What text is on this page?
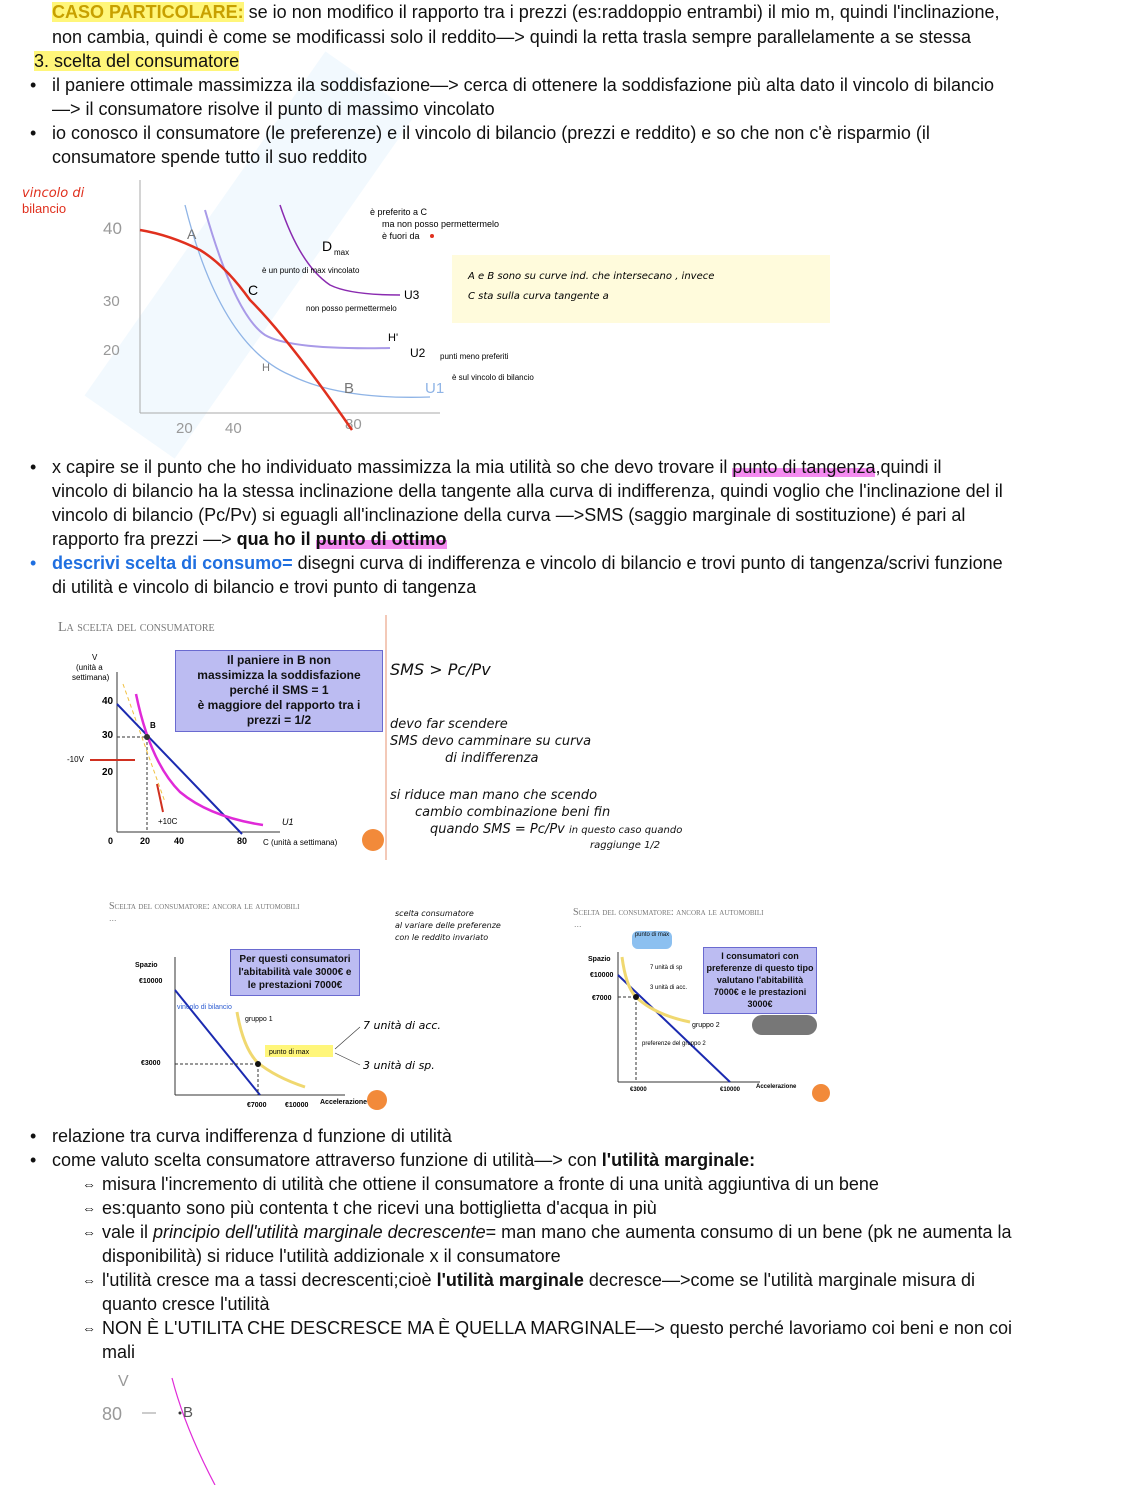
CASO PARTICOLARE: se io non modifico il rapporto tra i prezzi (es:raddoppio entrambi) il mio m, quindi l'inclinazione,
non cambia, quindi è come se modificassi solo il reddito—> quindi la retta trasla sempre parallelamente a se stessa
3. scelta del consumatore
• il paniere ottimale massimizza ila soddisfazione—> cerca di ottenere la soddisfazione più alta dato il vincolo di bilancio
—> il consumatore risolve il punto di massimo vincolato
• io conosco il consumatore (le preferenze) e il vincolo di bilancio (prezzi e reddito) e so che non c'è risparmio (il
consumatore spende tutto il suo reddito
vincolo di
bilancio
40
30
20
20 40	80
A
C
D max
H
H'
B	U1
U2
U3
è preferito a C
ma non posso permettermelo
è fuori da
è un punto di max vincolato
non posso permettermelo
punti meno preferiti
è sul vincolo di bilancio
A e B sono su curve ind. che intersecano , invece
C sta sulla curva tangente a
• x capire se il punto che ho individuato massimizza la mia utilità so che devo trovare il punto di tangenza,quindi il
vincolo di bilancio ha la stessa inclinazione della tangente alla curva di indifferenza, quindi voglio che l'inclinazione del il
vincolo di bilancio (Pc/Pv) si eguagli all'inclinazione della curva —>SMS (saggio marginale di sostituzione) é pari al
rapporto fra prezzi —> qua ho il punto di ottimo
• descrivi scelta di consumo= disegni curva di indifferenza e vincolo di bilancio e trovi punto di tangenza/scrivi funzione
di utilità e vincolo di bilancio e trovi punto di tangenza
La scelta del consumatore
Il paniere in B non
massimizza la soddisfazione
perché il SMS = 1
è maggiore del rapporto tra i
prezzi = 1/2
V
(unità a
settimana)
40
30
20
0	20	40	80 C (unità a settimana)
B
-10V
+10C	U1
SMS > Pc/Pv
devo far scendere
SMS devo camminare su curva
di indifferenza
si riduce man mano che scendo
cambio combinazione beni fin
quando SMS = Pc/Pv in questo caso quando
raggiunge 1/2
Scelta del consumatore: ancora le automobili
...
Per questi consumatori
l'abitabilità vale 3000€ e
le prestazioni 7000€
Spazio
€10000
€3000
€7000	€10000 Accelerazione
vincolo di bilancio
gruppo 1
punto di max
7 unità di acc.
3 unità di sp.
scelta consumatore
al variare delle preferenze
con le reddito invariato
Scelta del consumatore: ancora le automobili
...
I consumatori con
preferenze di questo tipo
valutano l'abitabilità
7000€ e le prestazioni
3000€
punto di max
Spazio
€10000
€7000
€3000	€10000	Accelerazione
7 unità di sp
3 unità di acc.
gruppo 2
preferenze del gruppo 2
• relazione tra curva indifferenza d funzione di utilità
• come valuto scelta consumatore attraverso funzione di utilità—> con l'utilità marginale:
⇔ misura l'incremento di utilità che ottiene il consumatore a fronte di una unità aggiuntiva di un bene
⇔ es:quanto sono più contenta t che ricevi una bottiglietta d'acqua in più
⇔ vale il principio dell'utilità marginale decrescente= man mano che aumenta consumo di un bene (pk ne aumenta la
disponibilità) si riduce l'utilità addizionale x il consumatore
⇔ l'utilità cresce ma a tassi decrescenti;cioè l'utilità marginale decresce—>come se l'utilità marginale misura di
quanto cresce l'utilità
⇔ NON È L'UTILITA CHE DESCRESCE MA È QUELLA MARGINALE—> questo perché lavoriamo coi beni e non coi
mali
V
80	B
